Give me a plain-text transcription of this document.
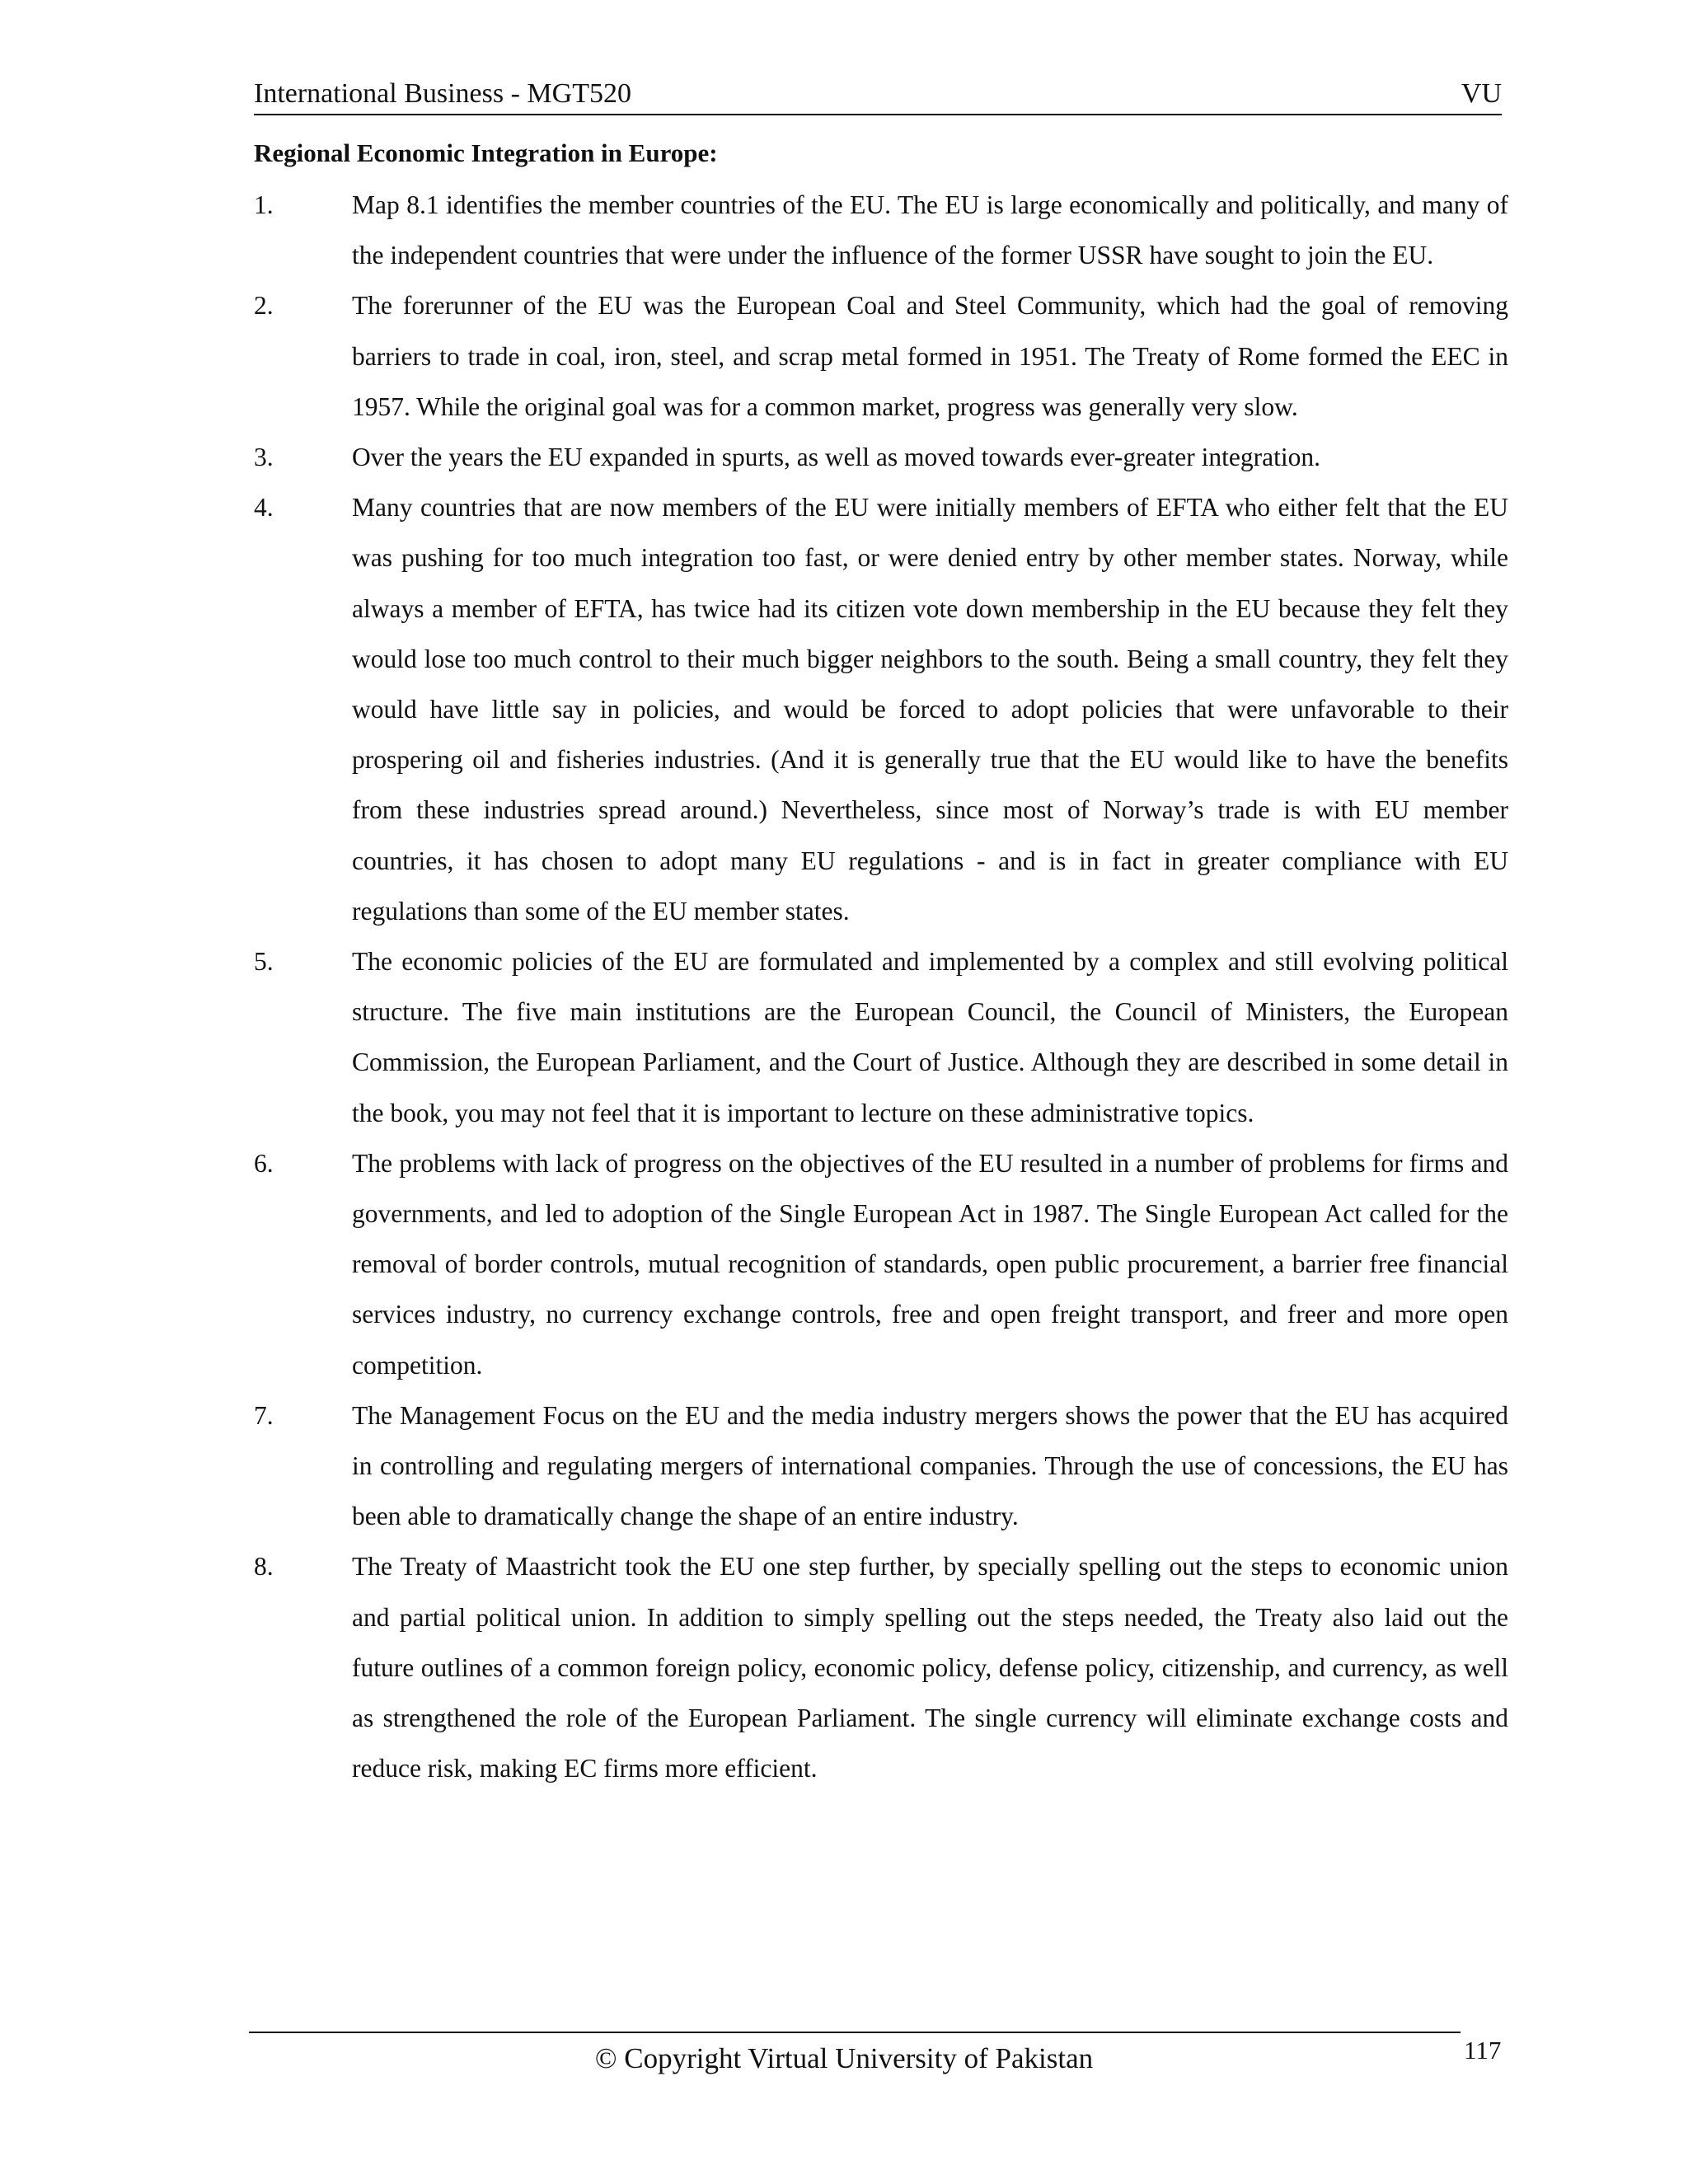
International Business - MGT520	VU
Regional Economic Integration in Europe:
1.	Map 8.1 identifies the member countries of the EU. The EU is large economically and politically, and many of the independent countries that were under the influence of the former USSR have sought to join the EU.
2.	The forerunner of the EU was the European Coal and Steel Community, which had the goal of removing barriers to trade in coal, iron, steel, and scrap metal formed in 1951. The Treaty of Rome formed the EEC in 1957. While the original goal was for a common market, progress was generally very slow.
3.	Over the years the EU expanded in spurts, as well as moved towards ever-greater integration.
4.	Many countries that are now members of the EU were initially members of EFTA who either felt that the EU was pushing for too much integration too fast, or were denied entry by other member states. Norway, while always a member of EFTA, has twice had its citizen vote down membership in the EU because they felt they would lose too much control to their much bigger neighbors to the south. Being a small country, they felt they would have little say in policies, and would be forced to adopt policies that were unfavorable to their prospering oil and fisheries industries. (And it is generally true that the EU would like to have the benefits from these industries spread around.) Nevertheless, since most of Norway’s trade is with EU member countries, it has chosen to adopt many EU regulations - and is in fact in greater compliance with EU regulations than some of the EU member states.
5.	The economic policies of the EU are formulated and implemented by a complex and still evolving political structure. The five main institutions are the European Council, the Council of Ministers, the European Commission, the European Parliament, and the Court of Justice. Although they are described in some detail in the book, you may not feel that it is important to lecture on these administrative topics.
6.	The problems with lack of progress on the objectives of the EU resulted in a number of problems for firms and governments, and led to adoption of the Single European Act in 1987. The Single European Act called for the removal of border controls, mutual recognition of standards, open public procurement, a barrier free financial services industry, no currency exchange controls, free and open freight transport, and freer and more open competition.
7.	The Management Focus on the EU and the media industry mergers shows the power that the EU has acquired in controlling and regulating mergers of international companies. Through the use of concessions, the EU has been able to dramatically change the shape of an entire industry.
8.	The Treaty of Maastricht took the EU one step further, by specially spelling out the steps to economic union and partial political union. In addition to simply spelling out the steps needed, the Treaty also laid out the future outlines of a common foreign policy, economic policy, defense policy, citizenship, and currency, as well as strengthened the role of the European Parliament. The single currency will eliminate exchange costs and reduce risk, making EC firms more efficient.
© Copyright Virtual University of Pakistan	117
